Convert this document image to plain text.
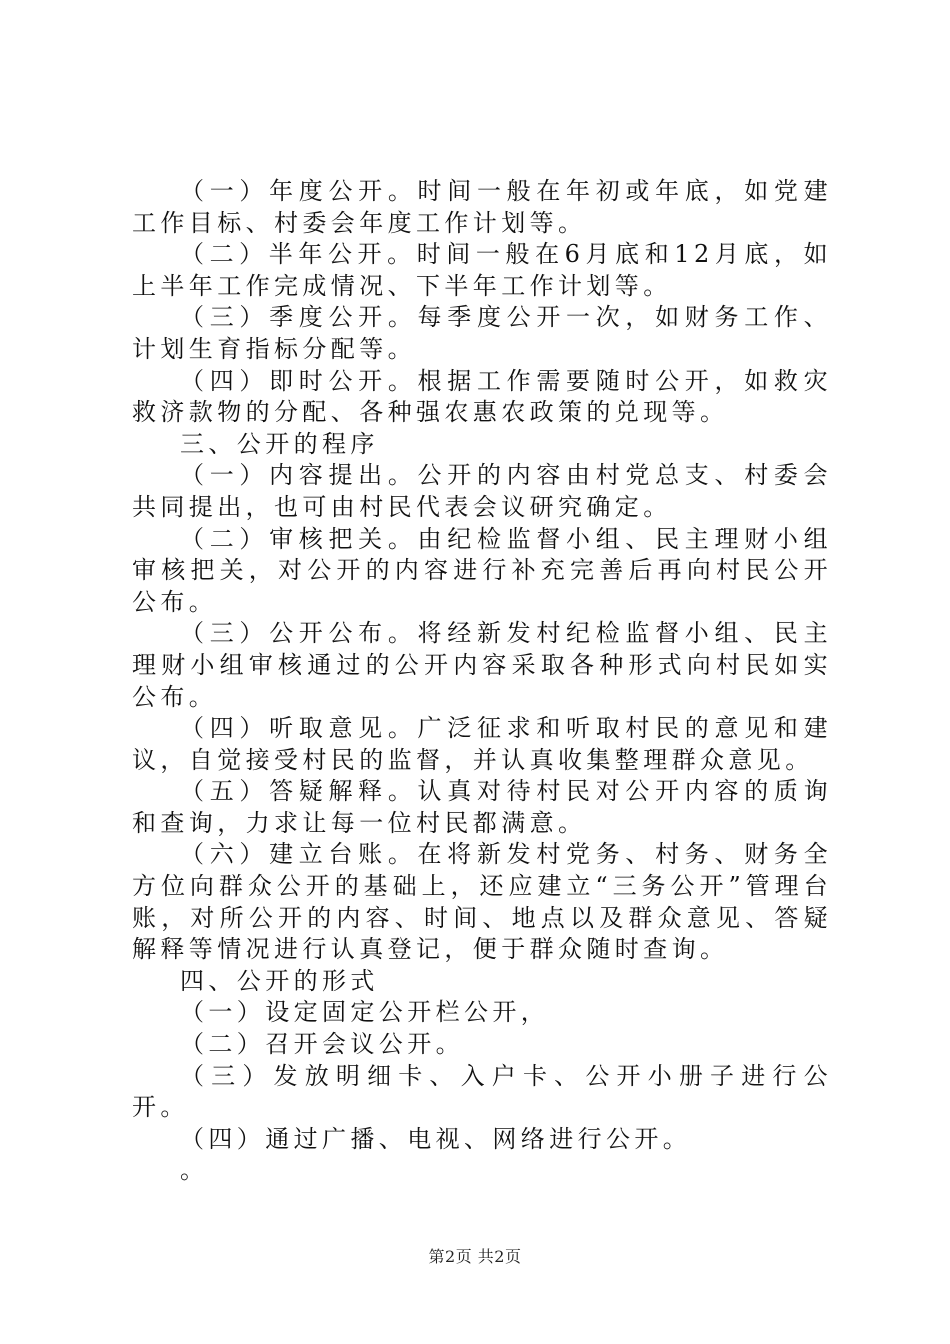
（一）年度公开。时间一般在年初或年底，如党建工作目标、村委会年度工作计划等。

（二）半年公开。时间一般在6月底和12月底，如上半年工作完成情况、下半年工作计划等。

（三）季度公开。每季度公开一次，如财务工作、计划生育指标分配等。

（四）即时公开。根据工作需要随时公开，如救灾救济款物的分配、各种强农惠农政策的兑现等。

三、公开的程序

（一）内容提出。公开的内容由村党总支、村委会共同提出，也可由村民代表会议研究确定。

（二）审核把关。由纪检监督小组、民主理财小组审核把关，对公开的内容进行补充完善后再向村民公开公布。

（三）公开公布。将经新发村纪检监督小组、民主理财小组审核通过的公开内容采取各种形式向村民如实公布。

（四）听取意见。广泛征求和听取村民的意见和建议，自觉接受村民的监督，并认真收集整理群众意见。

（五）答疑解释。认真对待村民对公开内容的质询和查询，力求让每一位村民都满意。

（六）建立台账。在将新发村党务、村务、财务全方位向群众公开的基础上，还应建立“三务公开”管理台账，对所公开的内容、时间、地点以及群众意见、答疑解释等情况进行认真登记，便于群众随时查询。

四、公开的形式

（一）设定固定公开栏公开，

（二）召开会议公开。

（三）发放明细卡、入户卡、公开小册子进行公开。

（四）通过广播、电视、网络进行公开。

。

第2页 共2页
